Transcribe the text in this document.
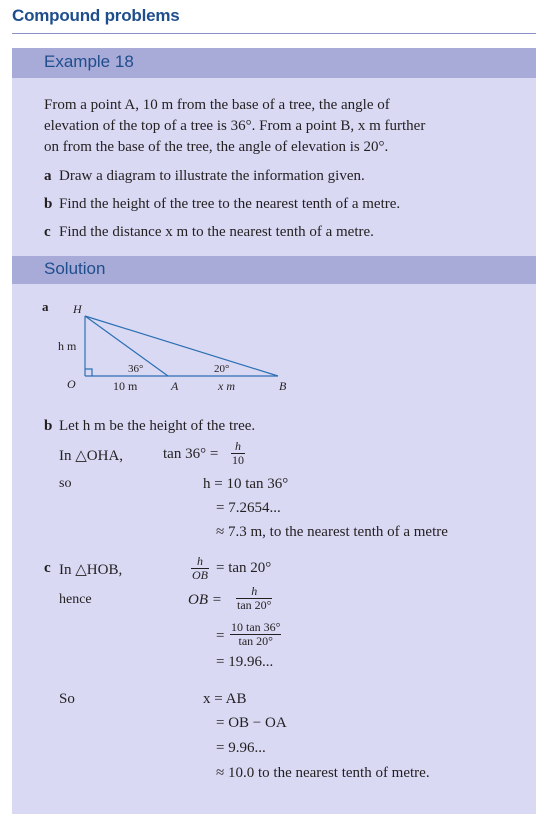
Compound problems
Example 18
From a point A, 10 m from the base of a tree, the angle of
elevation of the top of a tree is 36°. From a point B, x m further
on from the base of the tree, the angle of elevation is 20°.
a Draw a diagram to illustrate the information given.
b Find the height of the tree to the nearest tenth of a metre.
c Find the distance x m to the nearest tenth of a metre.
Solution
a H
h m
O
36°	20°
10 m	A	x m	B
b Let h m be the height of the tree.
In △OHA,	$\tan 36^\circ = \frac{h}{10}$
so	h = 10 tan 36°
= 7.2654...
≈ 7.3 m, to the nearest tenth of a metre
c In △HOB,	$\frac{h}{OB} = \tan 20^\circ$
hence	OB = $\frac{h}{\tan 20^\circ}$
= $\frac{10 \tan 36^\circ}{\tan 20^\circ}$
= 19.96...
So	x = AB
= OB − OA
= 9.96...
≈ 10.0 to the nearest tenth of metre.
